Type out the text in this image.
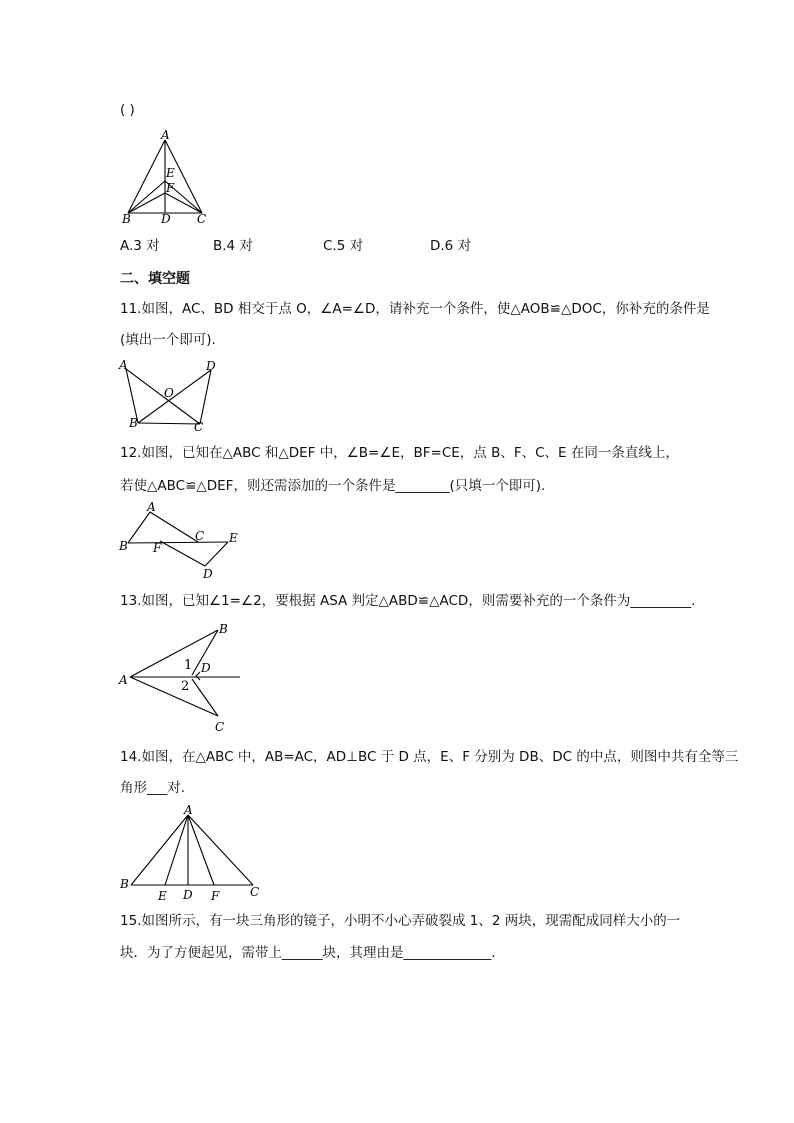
( )
A
E
F
B	D C
A.3 对	B.4 对	C.5 对	D.6 对
二、填空题
11.如图，AC、BD 相交于点 O，∠A=∠D，请补充一个条件，使△AOB≌△DOC，你补充的条件是
(填出一个即可).
A	D
O
B	C
12.如图，已知在△ABC 和△DEF 中，∠B=∠E，BF=CE，点 B、F、C、E 在同一条直线上，
若使△ABC≌△DEF，则还需添加的一个条件是________(只填一个即可).
A
B F
C E
D
13.如图，已知∠1=∠2，要根据 ASA 判定△ABD≌△ACD，则需要补充的一个条件为_________.
B
A
C
D
1
2
14.如图，在△ABC 中，AB=AC，AD⊥BC 于 D 点，E、F 分别为 DB、DC 的中点，则图中共有全等三
角形___对.
A
B
E D F	C
15.如图所示，有一块三角形的镜子，小明不小心弄破裂成 1、2 两块，现需配成同样大小的一
块．为了方便起见，需带上______块，其理由是_____________.
